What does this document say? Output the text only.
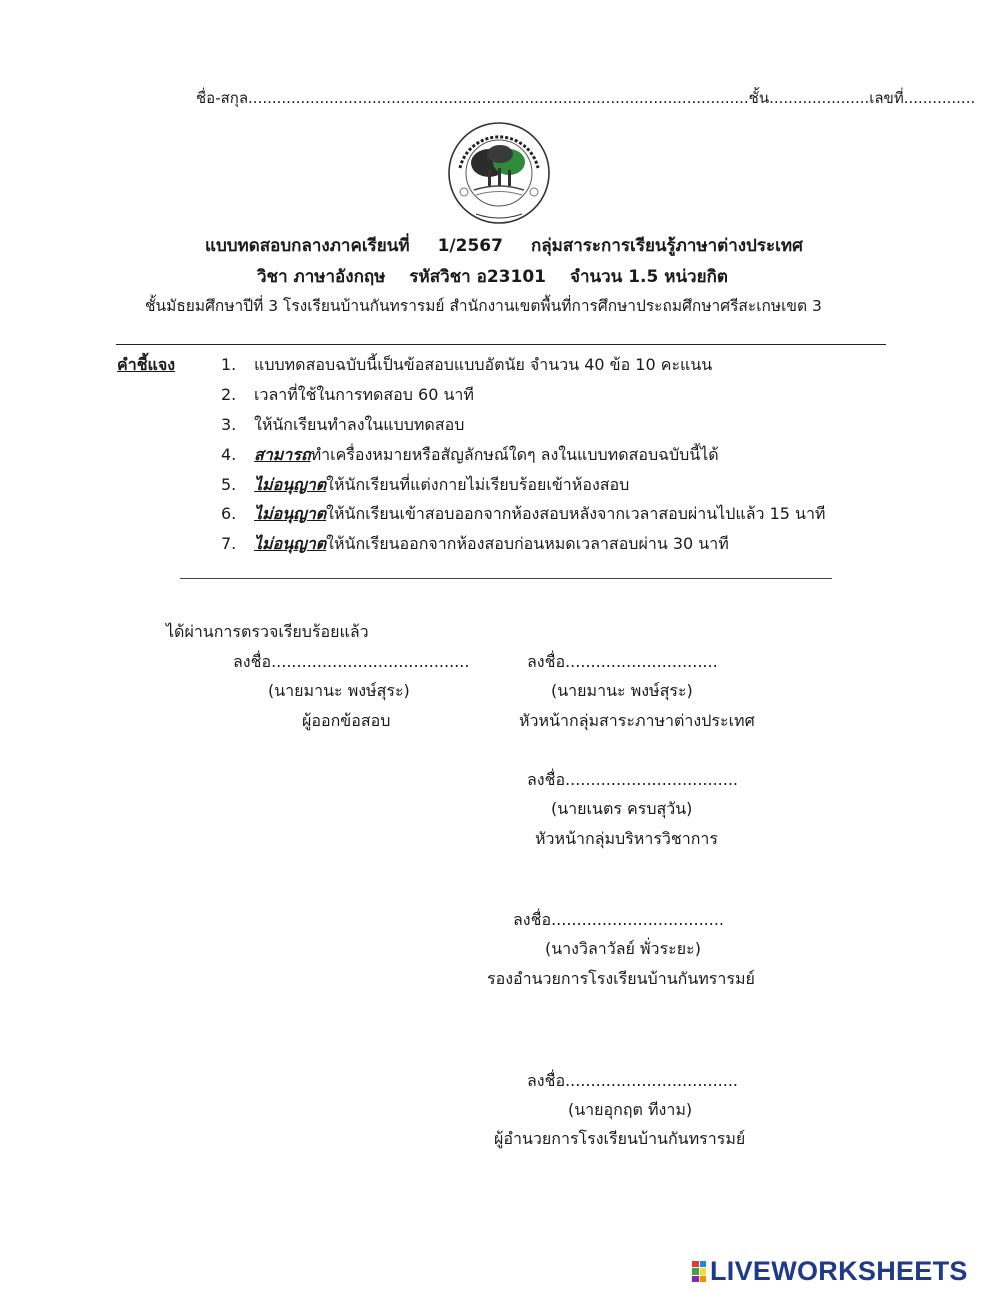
ชื่อ-สกุล.........................................................................................................ชั้น.....................เลขที่...............
แบบทดสอบกลางภาคเรียนที่ 1/2567 กลุ่มสาระการเรียนรู้ภาษาต่างประเทศ
วิชา ภาษาอังกฤษ รหัสวิชา อ23101 จำนวน 1.5 หน่วยกิต
ชั้นมัธยมศึกษาปีที่ 3 โรงเรียนบ้านกันทรารมย์ สำนักงานเขตพื้นที่การศึกษาประถมศึกษาศรีสะเกษเขต 3
คำชี้แจง	1. แบบทดสอบฉบับนี้เป็นข้อสอบแบบอัตนัย จำนวน 40 ข้อ 10 คะแนน
2. เวลาที่ใช้ในการทดสอบ 60 นาที
3. ให้นักเรียนทำลงในแบบทดสอบ
4. สามารถทำเครื่องหมายหรือสัญลักษณ์ใดๆ ลงในแบบทดสอบฉบับนี้ได้
5. ไม่อนุญาตให้นักเรียนที่แต่งกายไม่เรียบร้อยเข้าห้องสอบ
6. ไม่อนุญาตให้นักเรียนเข้าสอบออกจากห้องสอบหลังจากเวลาสอบผ่านไปแล้ว 15 นาที
7. ไม่อนุญาตให้นักเรียนออกจากห้องสอบก่อนหมดเวลาสอบผ่าน 30 นาที
ได้ผ่านการตรวจเรียบร้อยแล้ว
ลงชื่อ.......................................
(นายมานะ พงษ์สุระ)
ผู้ออกข้อสอบ
ลงชื่อ..............................
(นายมานะ พงษ์สุระ)
หัวหน้ากลุ่มสาระภาษาต่างประเทศ
ลงชื่อ..................................
(นายเนตร ครบสุวัน)
หัวหน้ากลุ่มบริหารวิชาการ
ลงชื่อ..................................
(นางวิลาวัลย์ พั่วระยะ)
รองอำนวยการโรงเรียนบ้านกันทรารมย์
ลงชื่อ..................................
(นายอุกฤต ทีงาม)
ผู้อำนวยการโรงเรียนบ้านกันทรารมย์
LIVEWORKSHEETS
